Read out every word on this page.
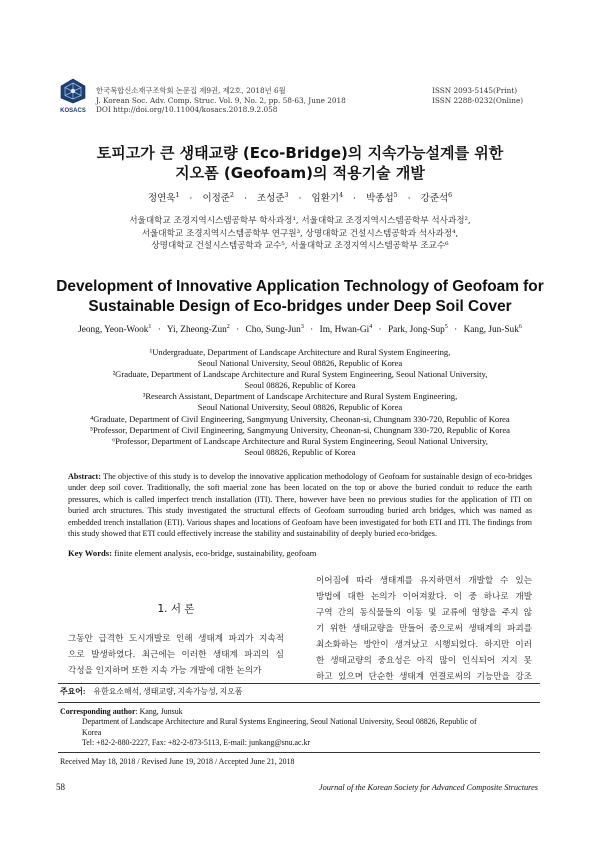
KOSACS
한국복합신소재구조학회 논문집 제9권, 제2호, 2018년 6월
J. Korean Soc. Adv. Comp. Struc. Vol. 9, No. 2, pp. 58-63, June 2018
DOI http://doi.org/10.11004/kosacs.2018.9.2.058
ISSN 2093-5145(Print)
ISSN 2288-0232(Online)
토피고가 큰 생태교량 (Eco-Bridge)의 지속가능설계를 위한
지오폼 (Geofoam)의 적용기술 개발
정연욱$^1$ · 이정준$^2$ · 조성준$^3$ · 임환기$^4$ · 박종섭$^5$ · 강준석$^6$
서울대학교 조경지역시스템공학부 학사과정¹, 서울대학교 조경지역시스템공학부 석사과정²,
서울대학교 조경지역시스템공학부 연구원³, 상명대학교 건설시스템공학과 석사과정⁴,
상명대학교 건설시스템공학과 교수⁵, 서울대학교 조경지역시스템공학부 조교수⁶
Development of Innovative Application Technology of Geofoam for
Sustainable Design of Eco-bridges under Deep Soil Cover
Jeong, Yeon-Wook$^1$ · Yi, Zheong-Zun$^2$ · Cho, Sung-Jun$^3$ · Im, Hwan-$Gi^4$ · Park, Jong-Sup$^5$ · Kang, Jun-Suk$^6$
¹Undergraduate, Department of Landscape Architecture and Rural System Engineering,
Seoul National University, Seoul 08826, Republic of Korea
²Graduate, Department of Landscape Architecture and Rural System Engineering, Seoul National University,
Seoul 08826, Republic of Korea
³Research Assistant, Department of Landscape Architecture and Rural System Engineering,
Seoul National University, Seoul 08826, Republic of Korea
⁴Graduate, Department of Civil Engineering, Sangmyung University, Cheonan-si, Chungnam 330-720, Republic of Korea
⁵Professor, Department of Civil Engineering, Sangmyung University, Cheonan-si, Chungnam 330-720, Republic of Korea
⁶Professor, Department of Landscape Architecture and Rural System Engineering, Seoul National University,
Seoul 08826, Republic of Korea
Abstract: The objective of this study is to develop the innovative application methodology of Geofoam for sustainable design of eco-bridges under deep soil cover. Traditionally, the soft maerial zone has been located on the top or above the buried conduit to reduce the earth pressures, which is called imperfect trench installation (ITI). There, however have been no previous studies for the application of ITI on buried arch structures. This study investigated the structural effects of Geofoam surrouding buried arch bridges, which was named as embedded trench installation (ETI). Various shapes and locations of Geofoam have been investigated for both ETI and ITI. The findings from this study showed that ETI could effectively increase the stability and sustainability of deeply buried eco-bridges.
Key Words: finite element analysis, eco-bridge, sustainability, geofoam
1. 서 론
그동안 급격한 도시개발로 인해 생태계 파괴가 지속적
으로 발생하였다. 최근에는 이러한 생태계 파괴의 심
각성을 인지하며 또한 지속 가능 개발에 대한 논의가
이어짐에 따라 생태계를 유지하면서 개발할 수 있는
방법에 대한 논의가 이어져왔다. 이 중 하나로 개발
구역 간의 동식물들의 이동 및 교류에 영향을 주지 않
기 위한 생태교량을 만들어 줌으로써 생태계의 파괴를
최소화하는 방안이 생겨났고 시행되었다. 하지만 이러
한 생태교량의 중요성은 아직 많이 인식되어 지지 못
하고 있으며 단순한 생태계 연결로써의 기능만을 강조
주요어: 유한요소해석, 생태교량, 지속가능성, 지오폼
Corresponding author: Kang, Junsuk
Department of Landscape Architecture and Rural Systems Engineering, Seoul National University, Seoul 08826, Republic of
Korea
Tel: +82-2-880-2227, Fax: +82-2-873-5113, E-mail: junkang@snu.ac.kr
Received May 18, 2018 / Revised June 19, 2018 / Accepted June 21, 2018
58	Journal of the Korean Society for Advanced Composite Structures
